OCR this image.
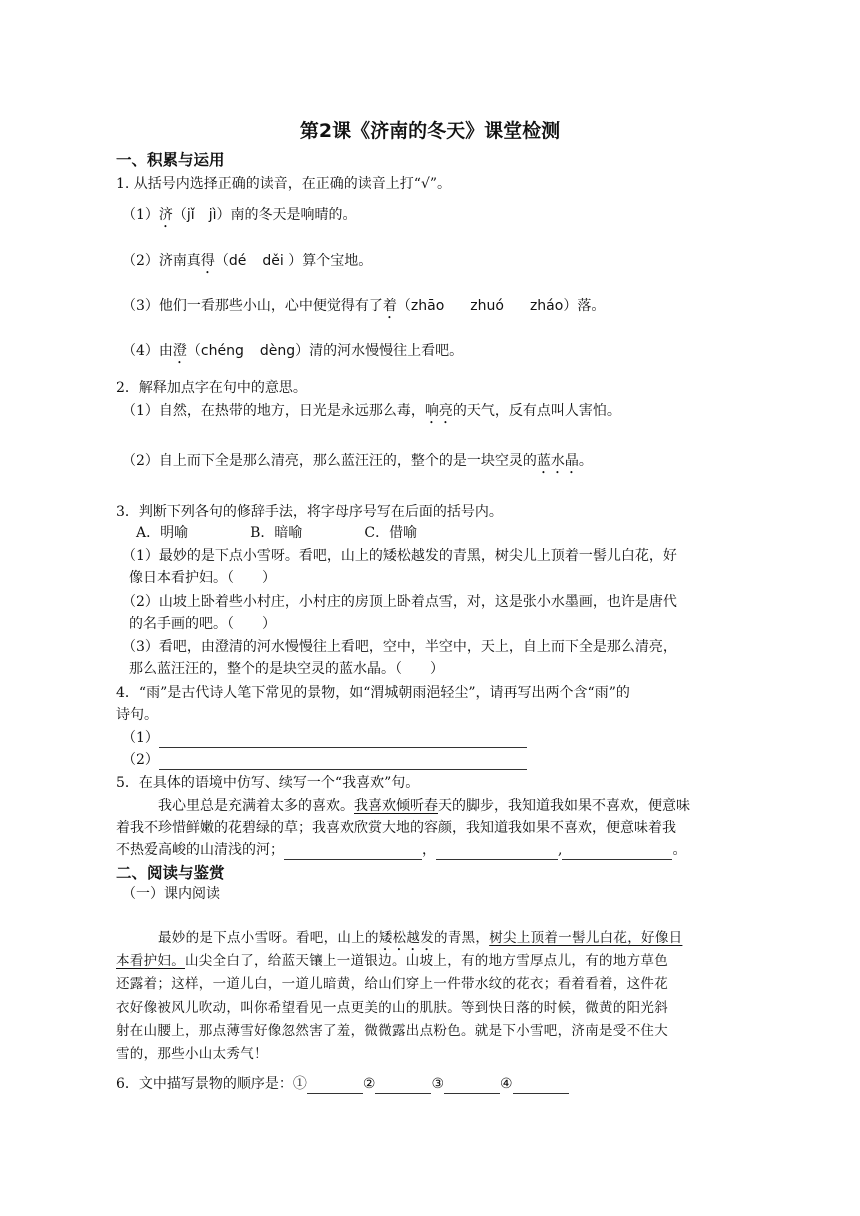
第2课《济南的冬天》课堂检测
一、积累与运用
1. 从括号内选择正确的读音，在正确的读音上打“√”。
（1）济（jǐ jì）南的冬天是响晴的。
（2）济南真得（dé děi ）算个宝地。
（3）他们一看那些小山，心中便觉得有了着（zhāo zhuó zháo）落。
（4）由澄（chéng dèng）清的河水慢慢往上看吧。
2．解释加点字在句中的意思。
（1）自然，在热带的地方，日光是永远那么毒，响亮的天气，反有点叫人害怕。
（2）自上而下全是那么清亮，那么蓝汪汪的，整个的是一块空灵的蓝水晶。
3．判断下列各句的修辞手法，将字母序号写在后面的括号内。
A．明喻	B．暗喻	C．借喻
（1）最妙的是下点小雪呀。看吧，山上的矮松越发的青黑，树尖儿上顶着一髻儿白花，好
像日本看护妇。（　　）
（2）山坡上卧着些小村庄，小村庄的房顶上卧着点雪，对，这是张小水墨画，也许是唐代
的名手画的吧。（　　）
（3）看吧，由澄清的河水慢慢往上看吧，空中，半空中，天上，自上而下全是那么清亮，
那么蓝汪汪的，整个的是块空灵的蓝水晶。（　　）
4．“雨”是古代诗人笔下常见的景物，如“渭城朝雨浥轻尘”，请再写出两个含“雨”的
诗句。
（1）
（2）
5．在具体的语境中仿写、续写一个“我喜欢”句。
我心里总是充满着太多的喜欢。我喜欢倾听春天的脚步，我知道我如果不喜欢，便意味
着我不珍惜鲜嫩的花碧绿的草；我喜欢欣赏大地的容颜，我知道我如果不喜欢，便意味着我
不热爱高峻的山清浅的河；	，	,	。
二、阅读与鉴赏
（一）课内阅读
最妙的是下点小雪呀。看吧，山上的矮松越发的青黑，树尖上顶着一髻儿白花，好像日
本看护妇。山尖全白了，给蓝天镶上一道银边。山坡上，有的地方雪厚点儿，有的地方草色
还露着；这样，一道儿白，一道儿暗黄，给山们穿上一件带水纹的花衣；看着看着，这件花
衣好像被风儿吹动，叫你希望看见一点更美的山的肌肤。等到快日落的时候，微黄的阳光斜
射在山腰上，那点薄雪好像忽然害了羞，微微露出点粉色。就是下小雪吧，济南是受不住大
雪的，那些小山太秀气！
6．文中描写景物的顺序是：①	②	③	④
